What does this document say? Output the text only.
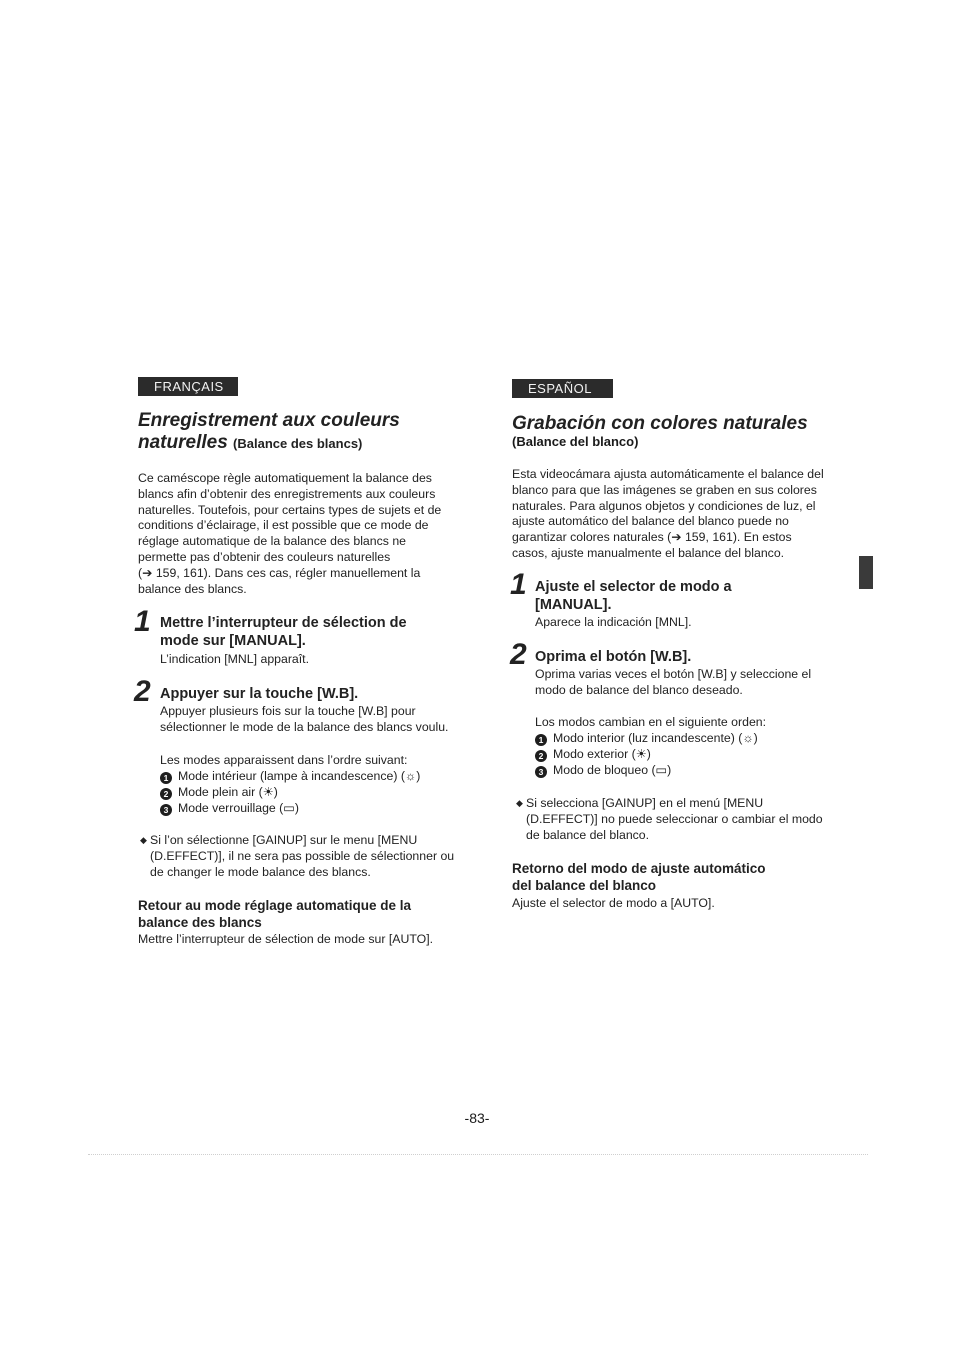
FRANÇAIS
Enregistrement aux couleurs
naturelles (Balance des blancs)
Ce caméscope règle automatiquement la balance des
blancs afin d’obtenir des enregistrements aux couleurs
naturelles. Toutefois, pour certains types de sujets et de
conditions d’éclairage, il est possible que ce mode de
réglage automatique de la balance des blancs ne
permette pas d’obtenir des couleurs naturelles
(➔ 159, 161). Dans ces cas, régler manuellement la
balance des blancs.
1 Mettre l’interrupteur de sélection de
mode sur [MANUAL].
L’indication [MNL] apparaît.
2 Appuyer sur la touche [W.B].
Appuyer plusieurs fois sur la touche [W.B] pour
sélectionner le mode de la balance des blancs voulu.
Les modes apparaissent dans l’ordre suivant:
1 Mode intérieur (lampe à incandescence) (☼)
2 Mode plein air (☀)
3 Mode verrouillage (▭)
◆ Si l’on sélectionne [GAINUP] sur le menu [MENU
(D.EFFECT)], il ne sera pas possible de sélectionner ou
de changer le mode balance des blancs.
Retour au mode réglage automatique de la
balance des blancs
Mettre l’interrupteur de sélection de mode sur [AUTO].
ESPAÑOL
Grabación con colores naturales
(Balance del blanco)
Esta videocámara ajusta automáticamente el balance del
blanco para que las imágenes se graben en sus colores
naturales. Para algunos objetos y condiciones de luz, el
ajuste automático del balance del blanco puede no
garantizar colores naturales (➔ 159, 161). En estos
casos, ajuste manualmente el balance del blanco.
1 Ajuste el selector de modo a
[MANUAL].
Aparece la indicación [MNL].
2 Oprima el botón [W.B].
Oprima varias veces el botón [W.B] y seleccione el
modo de balance del blanco deseado.
Los modos cambian en el siguiente orden:
1 Modo interior (luz incandescente) (☼)
2 Modo exterior (☀)
3 Modo de bloqueo (▭)
◆ Si selecciona [GAINUP] en el menú [MENU
(D.EFFECT)] no puede seleccionar o cambiar el modo
de balance del blanco.
Retorno del modo de ajuste automático
del balance del blanco
Ajuste el selector de modo a [AUTO].
-83-
